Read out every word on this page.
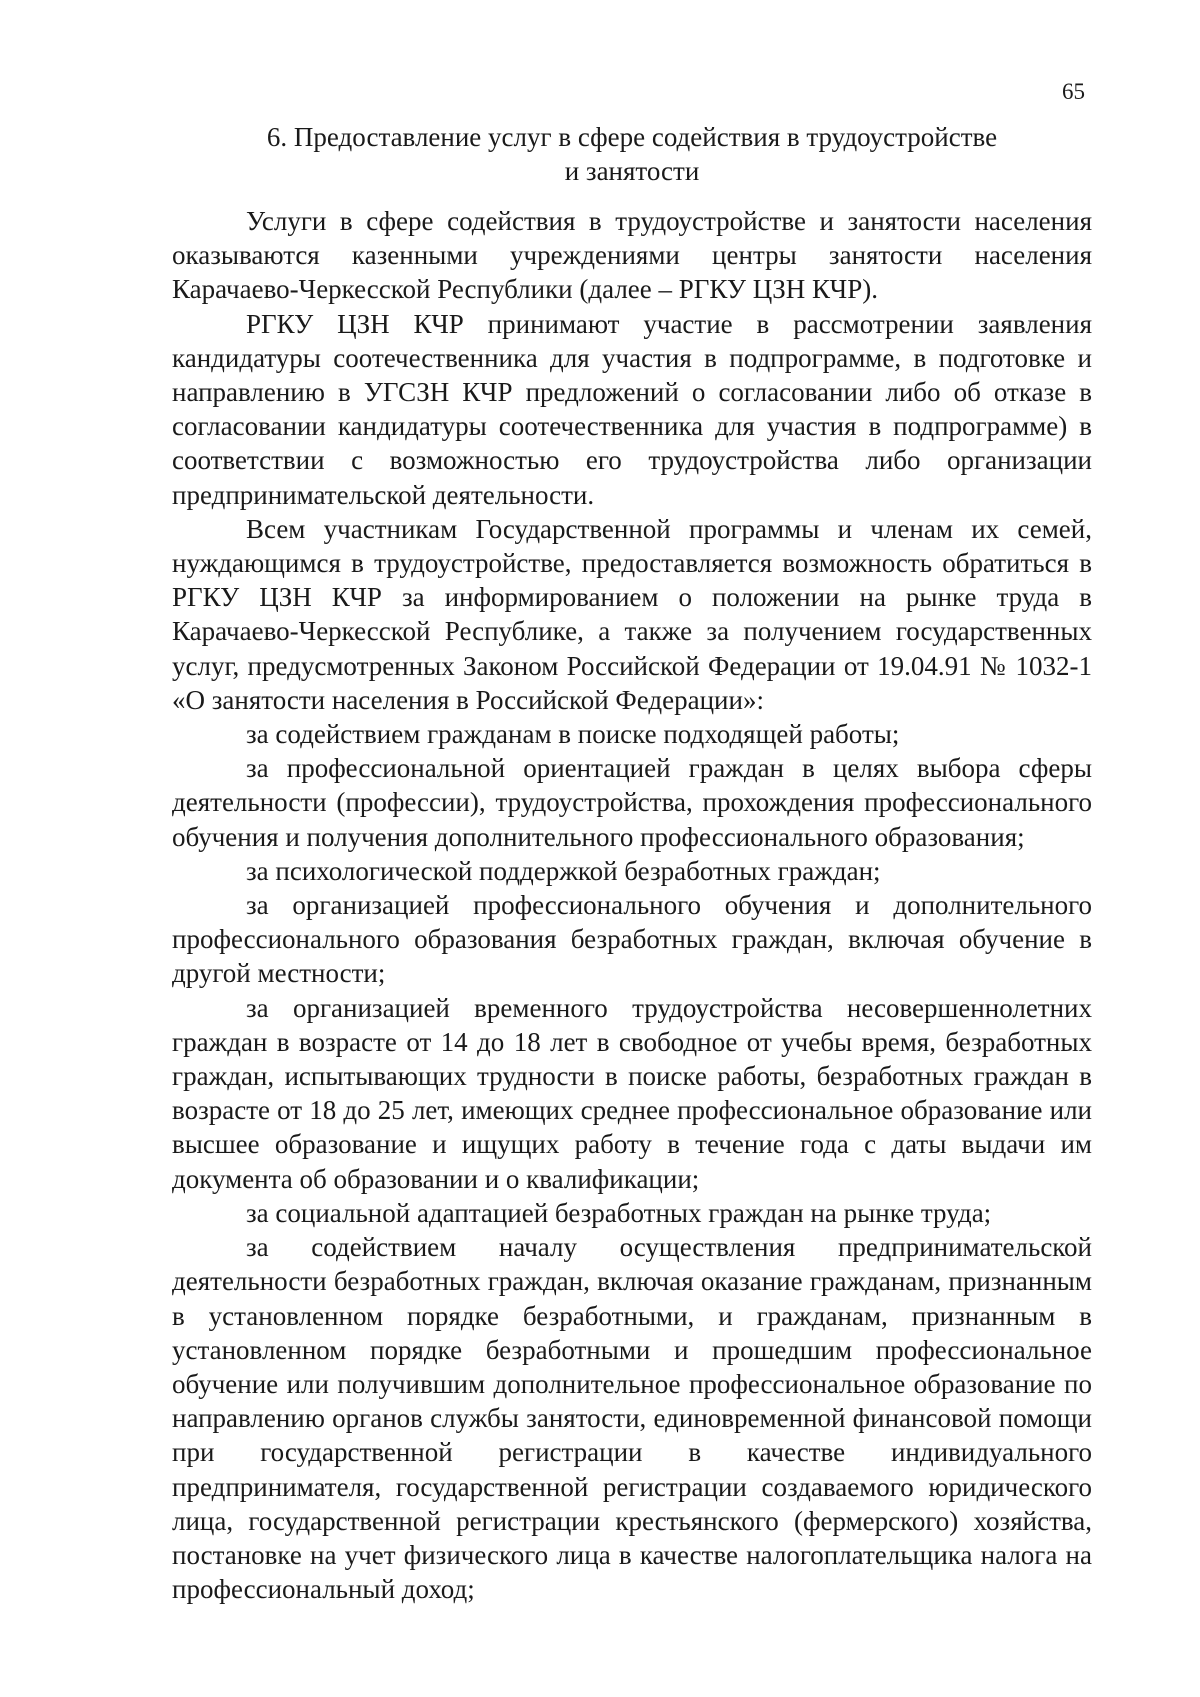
65
6. Предоставление услуг в сфере содействия в трудоустройстве
и занятости

Услуги в сфере содействия в трудоустройстве и занятости населения оказываются казенными учреждениями центры занятости населения Карачаево-Черкесской Республики (далее – РГКУ ЦЗН КЧР).

РГКУ ЦЗН КЧР принимают участие в рассмотрении заявления кандидатуры соотечественника для участия в подпрограмме, в подготовке и направлению в УГСЗН КЧР предложений о согласовании либо об отказе в согласовании кандидатуры соотечественника для участия в подпрограмме) в соответствии с возможностью его трудоустройства либо организации предпринимательской деятельности.

Всем участникам Государственной программы и членам их семей, нуждающимся в трудоустройстве, предоставляется возможность обратиться в РГКУ ЦЗН КЧР за информированием о положении на рынке труда в Карачаево-Черкесской Республике, а также за получением государственных услуг, предусмотренных Законом Российской Федерации от 19.04.91 № 1032-1 «О занятости населения в Российской Федерации»:

за содействием гражданам в поиске подходящей работы;

за профессиональной ориентацией граждан в целях выбора сферы деятельности (профессии), трудоустройства, прохождения профессионального обучения и получения дополнительного профессионального образования;

за психологической поддержкой безработных граждан;

за организацией профессионального обучения и дополнительного профессионального образования безработных граждан, включая обучение в другой местности;

за организацией временного трудоустройства несовершеннолетних граждан в возрасте от 14 до 18 лет в свободное от учебы время, безработных граждан, испытывающих трудности в поиске работы, безработных граждан в возрасте от 18 до 25 лет, имеющих среднее профессиональное образование или высшее образование и ищущих работу в течение года с даты выдачи им документа об образовании и о квалификации;

за социальной адаптацией безработных граждан на рынке труда;

за содействием началу осуществления предпринимательской деятельности безработных граждан, включая оказание гражданам, признанным в установленном порядке безработными, и гражданам, признанным в установленном порядке безработными и прошедшим профессиональное обучение или получившим дополнительное профессиональное образование по направлению органов службы занятости, единовременной финансовой помощи при государственной регистрации в качестве индивидуального предпринимателя, государственной регистрации создаваемого юридического лица, государственной регистрации крестьянского (фермерского) хозяйства, постановке на учет физического лица в качестве налогоплательщика налога на профессиональный доход;
